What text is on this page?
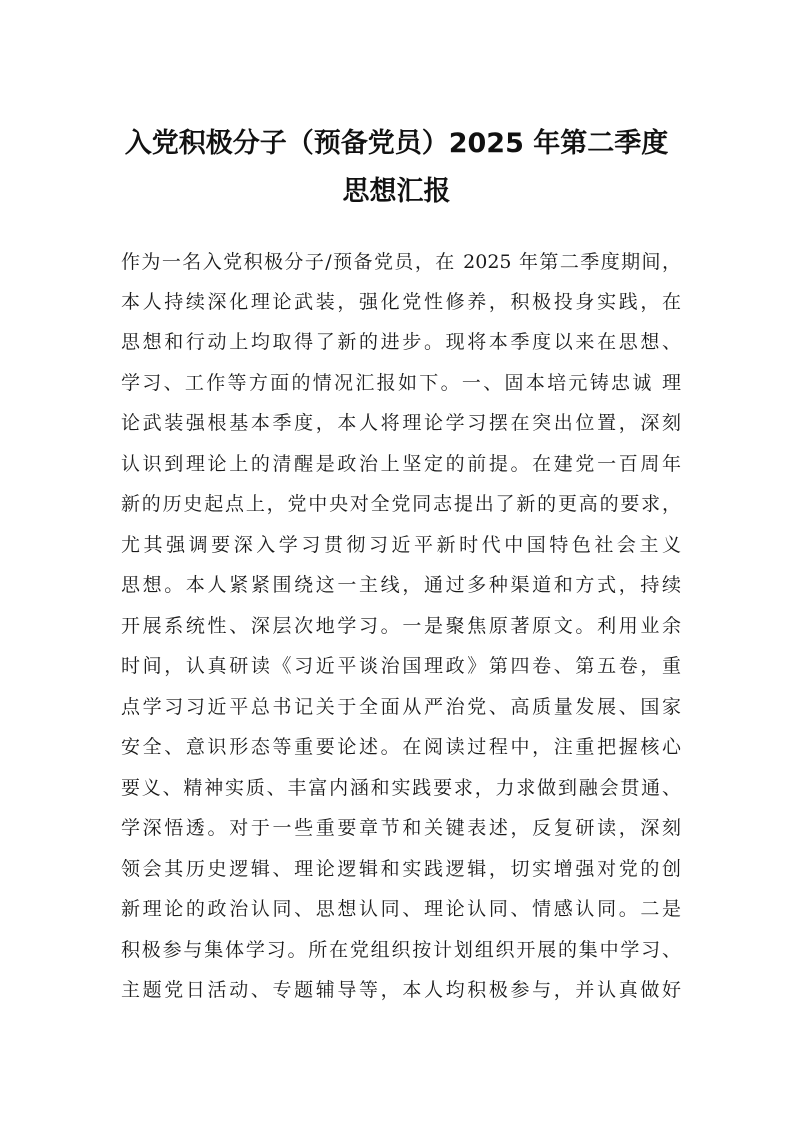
入党积极分子（预备党员）2025 年第二季度
思想汇报
作为一名入党积极分子/预备党员，在 2025 年第二季度期间，
本人持续深化理论武装，强化党性修养，积极投身实践，在
思想和行动上均取得了新的进步。现将本季度以来在思想、
学习、工作等方面的情况汇报如下。一、固本培元铸忠诚 理
论武装强根基本季度，本人将理论学习摆在突出位置，深刻
认识到理论上的清醒是政治上坚定的前提。在建党一百周年
新的历史起点上，党中央对全党同志提出了新的更高的要求，
尤其强调要深入学习贯彻习近平新时代中国特色社会主义
思想。本人紧紧围绕这一主线，通过多种渠道和方式，持续
开展系统性、深层次地学习。一是聚焦原著原文。利用业余
时间，认真研读《习近平谈治国理政》第四卷、第五卷，重
点学习习近平总书记关于全面从严治党、高质量发展、国家
安全、意识形态等重要论述。在阅读过程中，注重把握核心
要义、精神实质、丰富内涵和实践要求，力求做到融会贯通、
学深悟透。对于一些重要章节和关键表述，反复研读，深刻
领会其历史逻辑、理论逻辑和实践逻辑，切实增强对党的创
新理论的政治认同、思想认同、理论认同、情感认同。二是
积极参与集体学习。所在党组织按计划组织开展的集中学习、
主题党日活动、专题辅导等，本人均积极参与，并认真做好
